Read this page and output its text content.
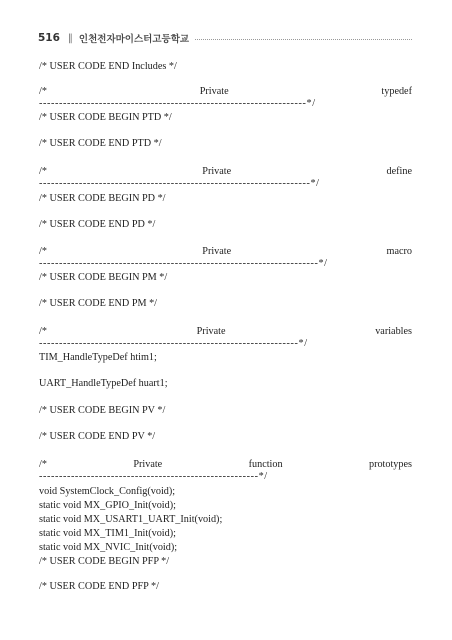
516 ‖ 인천전자마이스터고등학교
/* USER CODE END Includes */
/*	Private	typedef
-------------------------------------------------------------------*/
/* USER CODE BEGIN PTD */
/* USER CODE END PTD */
/*	Private	define
--------------------------------------------------------------------*/
/* USER CODE BEGIN PD */
/* USER CODE END PD */
/*	Private	macro
----------------------------------------------------------------------*/
/* USER CODE BEGIN PM */
/* USER CODE END PM */
/*	Private	variables
-----------------------------------------------------------------*/
TIM_HandleTypeDef htim1;
UART_HandleTypeDef huart1;
/* USER CODE BEGIN PV */
/* USER CODE END PV */
/*	Private	function	prototypes
-------------------------------------------------------*/
void SystemClock_Config(void);
static void MX_GPIO_Init(void);
static void MX_USART1_UART_Init(void);
static void MX_TIM1_Init(void);
static void MX_NVIC_Init(void);
/* USER CODE BEGIN PFP */
/* USER CODE END PFP */
